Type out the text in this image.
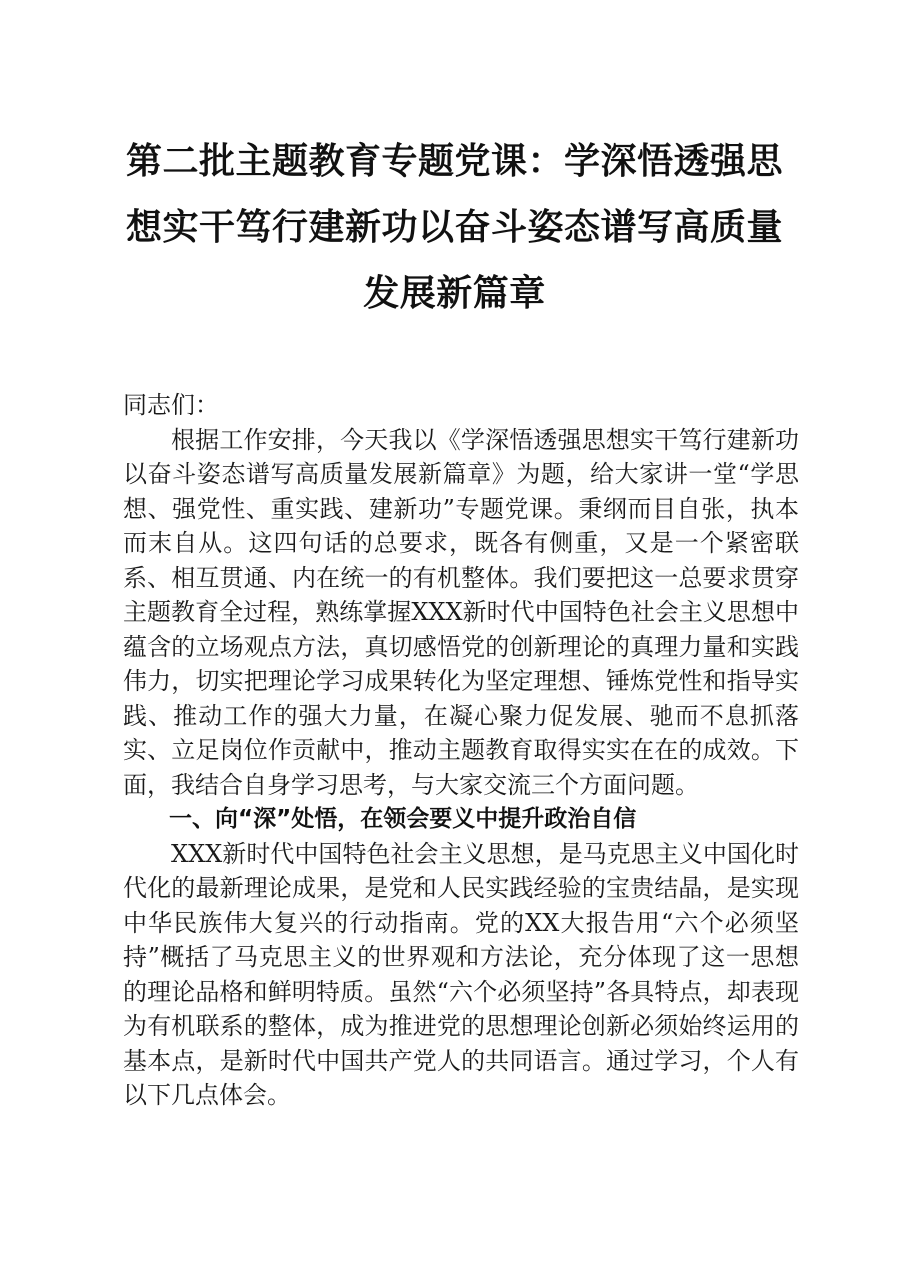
第二批主题教育专题党课：学深悟透强思想实干笃行建新功以奋斗姿态谱写高质量发展新篇章

同志们：

根据工作安排，今天我以《学深悟透强思想实干笃行建新功以奋斗姿态谱写高质量发展新篇章》为题，给大家讲一堂“学思想、强党性、重实践、建新功”专题党课。秉纲而目自张，执本而末自从。这四句话的总要求，既各有侧重，又是一个紧密联系、相互贯通、内在统一的有机整体。我们要把这一总要求贯穿主题教育全过程，熟练掌握XXX新时代中国特色社会主义思想中蕴含的立场观点方法，真切感悟党的创新理论的真理力量和实践伟力，切实把理论学习成果转化为坚定理想、锤炼党性和指导实践、推动工作的强大力量，在凝心聚力促发展、驰而不息抓落实、立足岗位作贡献中，推动主题教育取得实实在在的成效。下面，我结合自身学习思考，与大家交流三个方面问题。

一、向“深”处悟，在领会要义中提升政治自信

XXX新时代中国特色社会主义思想，是马克思主义中国化时代化的最新理论成果，是党和人民实践经验的宝贵结晶，是实现中华民族伟大复兴的行动指南。党的XX大报告用“六个必须坚持”概括了马克思主义的世界观和方法论，充分体现了这一思想的理论品格和鲜明特质。虽然“六个必须坚持”各具特点，却表现为有机联系的整体，成为推进党的思想理论创新必须始终运用的基本点，是新时代中国共产党人的共同语言。通过学习，个人有以下几点体会。
